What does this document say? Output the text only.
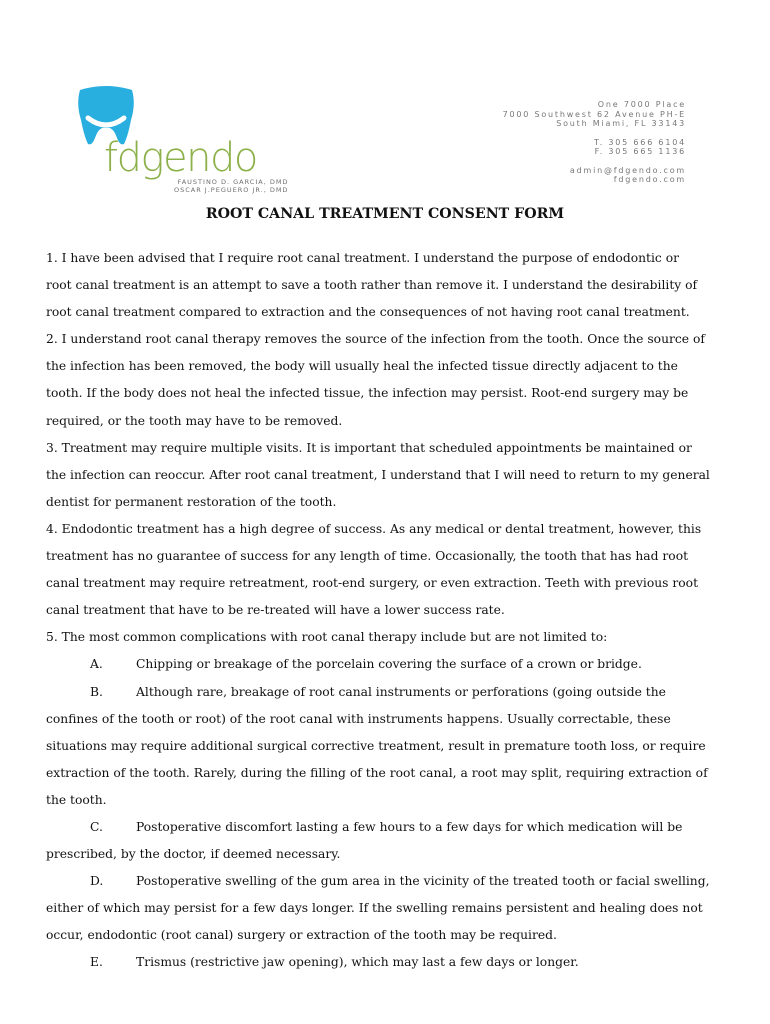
fdgendo
FAUSTINO D. GARCIA, DMD
OSCAR J.PEGUERO JR., DMD
One 7000 Place
7000 Southwest 62 Avenue PH-E
South Miami, FL 33143
T. 305 666 6104
F. 305 665 1136
admin@fdgendo.com
fdgendo.com
ROOT CANAL TREATMENT CONSENT FORM
1. I have been advised that I require root canal treatment. I understand the purpose of endodontic or
root canal treatment is an attempt to save a tooth rather than remove it. I understand the desirability of
root canal treatment compared to extraction and the consequences of not having root canal treatment.
2. I understand root canal therapy removes the source of the infection from the tooth. Once the source of
the infection has been removed, the body will usually heal the infected tissue directly adjacent to the
tooth. If the body does not heal the infected tissue, the infection may persist. Root-end surgery may be
required, or the tooth may have to be removed.
3. Treatment may require multiple visits. It is important that scheduled appointments be maintained or
the infection can reoccur. After root canal treatment, I understand that I will need to return to my general
dentist for permanent restoration of the tooth.
4. Endodontic treatment has a high degree of success. As any medical or dental treatment, however, this
treatment has no guarantee of success for any length of time. Occasionally, the tooth that has had root
canal treatment may require retreatment, root-end surgery, or even extraction. Teeth with previous root
canal treatment that have to be re-treated will have a lower success rate.
5. The most common complications with root canal therapy include but are not limited to:
A.	Chipping or breakage of the porcelain covering the surface of a crown or bridge.
B.	Although rare, breakage of root canal instruments or perforations (going outside the
confines of the tooth or root) of the root canal with instruments happens. Usually correctable, these
situations may require additional surgical corrective treatment, result in premature tooth loss, or require
extraction of the tooth. Rarely, during the filling of the root canal, a root may split, requiring extraction of
the tooth.
C.	Postoperative discomfort lasting a few hours to a few days for which medication will be
prescribed, by the doctor, if deemed necessary.
D.	Postoperative swelling of the gum area in the vicinity of the treated tooth or facial swelling,
either of which may persist for a few days longer. If the swelling remains persistent and healing does not
occur, endodontic (root canal) surgery or extraction of the tooth may be required.
E.	Trismus (restrictive jaw opening), which may last a few days or longer.
